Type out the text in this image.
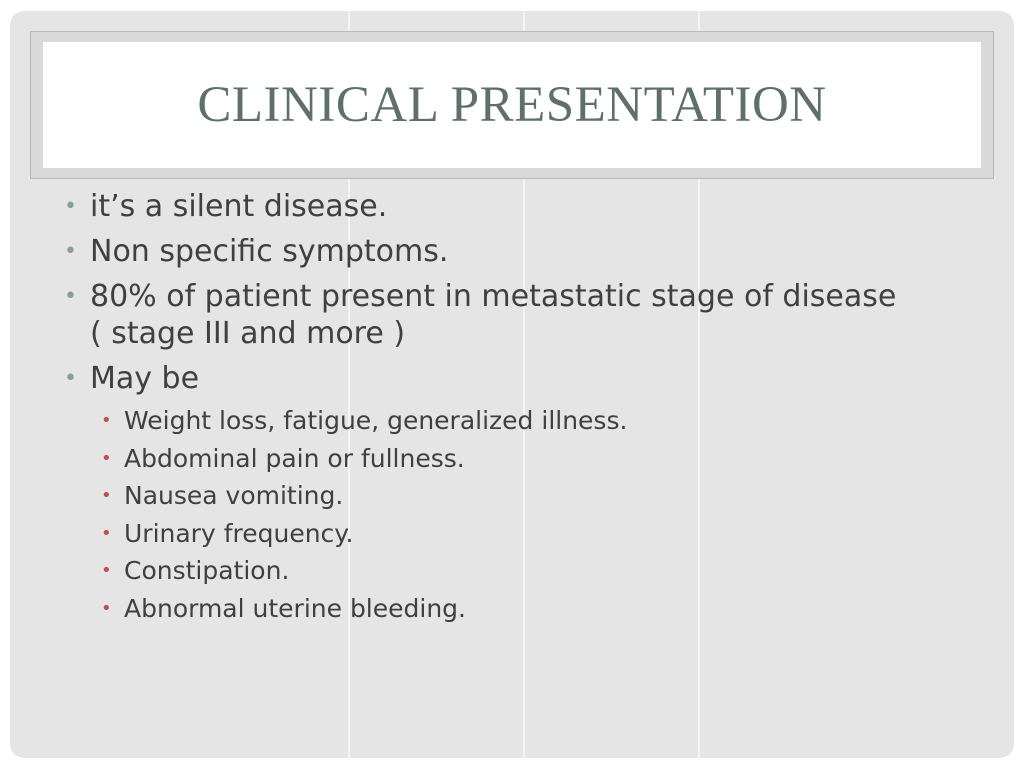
CLINICAL PRESENTATION
• it’s a silent disease.
• Non specific symptoms.
• 80% of patient present in metastatic stage of disease ( stage III and more )
• May be
• Weight loss, fatigue, generalized illness.
• Abdominal pain or fullness.
• Nausea vomiting.
• Urinary frequency.
• Constipation.
• Abnormal uterine bleeding.
